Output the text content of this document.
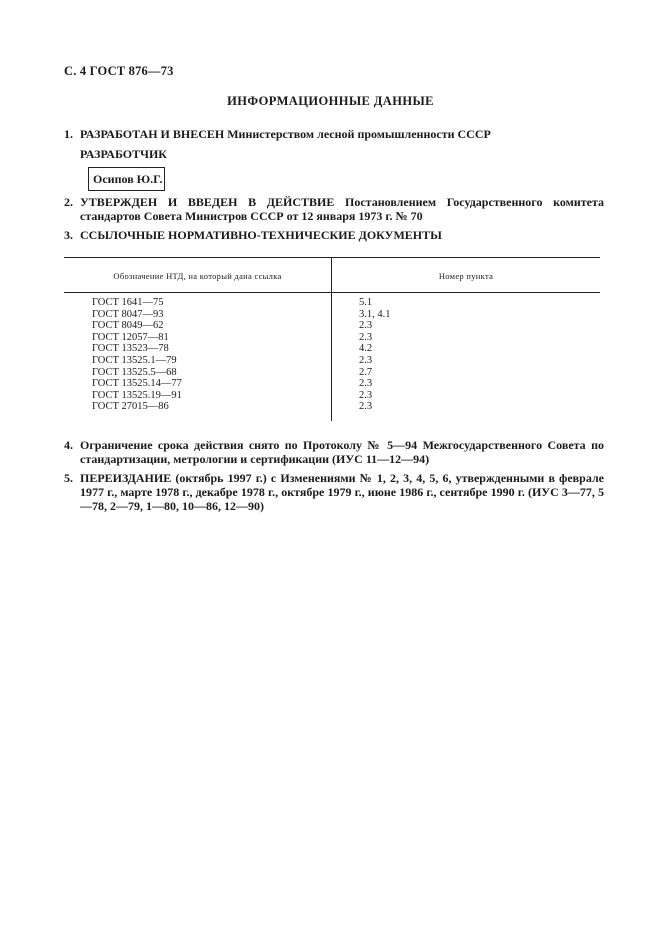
С. 4 ГОСТ 876—73
ИНФОРМАЦИОННЫЕ ДАННЫЕ
1. РАЗРАБОТАН И ВНЕСЕН Министерством лесной промышленности СССР
РАЗРАБОТЧИК
Осипов Ю.Г.
2. УТВЕРЖДЕН И ВВЕДЕН В ДЕЙСТВИЕ Постановлением Государственного комитета стандартов Совета Министров СССР от 12 января 1973 г. № 70
3. ССЫЛОЧНЫЕ НОРМАТИВНО-ТЕХНИЧЕСКИЕ ДОКУМЕНТЫ
Обозначение НТД, на который дана ссылка	Номер пункта
ГОСТ 1641—75
ГОСТ 8047—93
ГОСТ 8049—62
ГОСТ 12057—81
ГОСТ 13523—78
ГОСТ 13525.1—79
ГОСТ 13525.5—68
ГОСТ 13525.14—77
ГОСТ 13525.19—91
ГОСТ 27015—86
5.1
3.1, 4.1
2.3
2.3
4.2
2.3
2.7
2.3
2.3
2.3
4. Ограничение срока действия снято по Протоколу № 5—94 Межгосударственного Совета по стандартизации, метрологии и сертификации (ИУС 11—12—94)
5. ПЕРЕИЗДАНИЕ (октябрь 1997 г.) с Изменениями № 1, 2, 3, 4, 5, 6, утвержденными в феврале 1977 г., марте 1978 г., декабре 1978 г., октябре 1979 г., июне 1986 г., сентябре 1990 г. (ИУС 3—77, 5—78, 2—79, 1—80, 10—86, 12—90)
